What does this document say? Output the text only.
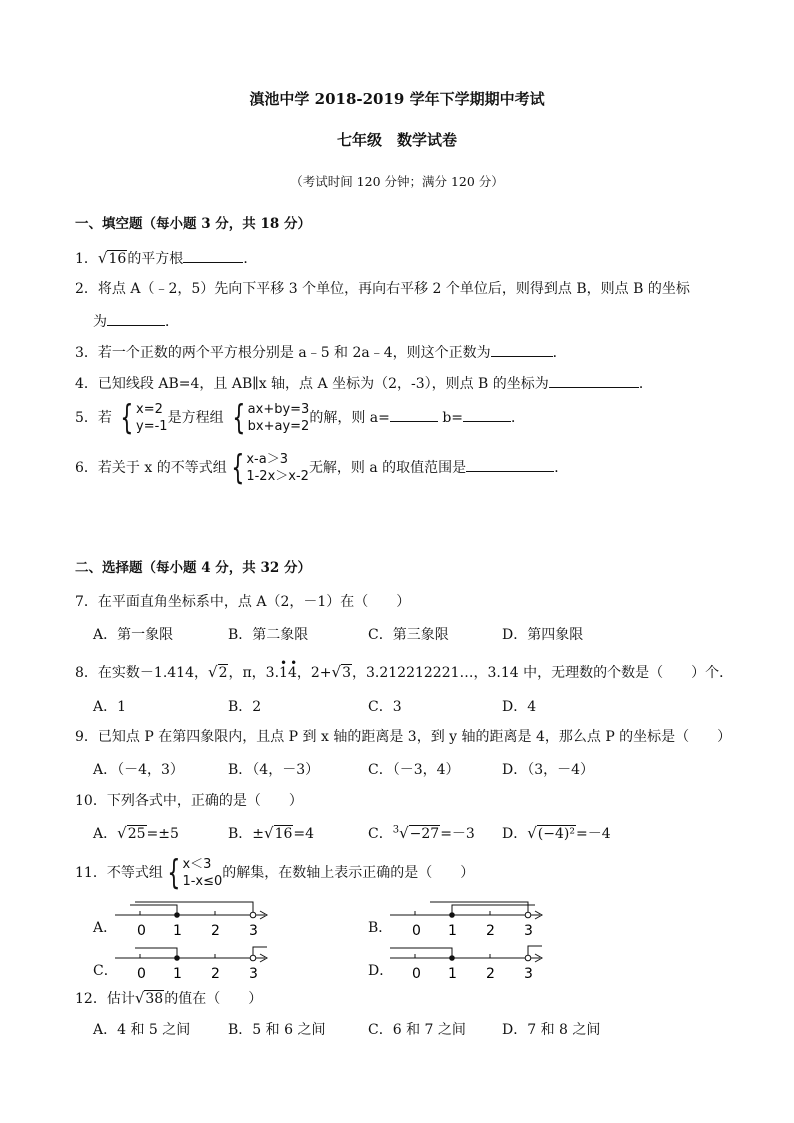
滇池中学 2018-2019 学年下学期期中考试
七年级　数学试卷
（考试时间 120 分钟；满分 120 分）
一、填空题（每小题 3 分，共 18 分）
1．√16的平方根	．
2．将点 A（﹣2，5）先向下平移 3 个单位，再向右平移 2 个单位后，则得到点 B，则点 B 的坐标
为	．
3．若一个正数的两个平方根分别是 a﹣5 和 2a﹣4，则这个正数为	．
4．已知线段 AB=4，且 AB∥x 轴，点 A 坐标为（2，-3），则点 B 的坐标为	．
5．若 { x=2
y=-1
是方程组 { ax+by=3
bx+ay=2
的解，则 a=	b=	．
6．若关于 x 的不等式组 { x-a＞3
1-2x＞x-2
无解，则 a 的取值范围是	．
二、选择题（每小题 4 分，共 32 分）
7．在平面直角坐标系中，点 A（2，－1）在（　　）
A．第一象限	B．第二象限	C．第三象限	D．第四象限
8．在实数－1.414，√2，π，3.14
••
，2+√3，3.212212221…，3.14 中，无理数的个数是（　　）个．
A．1	B．2	C．3	D．4
9．已知点 P 在第四象限内，且点 P 到 x 轴的距离是 3，到 y 轴的距离是 4，那么点 P 的坐标是（　　）
A．（－4，3）	B．（4，－3）	C．（－3，4）	D．（3，－4）
10．下列各式中，正确的是（　　）
A．√25=±5	B．±√16=4	C．$^3$√−27=－3 D．√(−4)²=－4
11．不等式组 { x＜3
1-x≤0
的解集，在数轴上表示正确的是（　　）
A． 0 1 2 3	B． 0 1 2 3
C． 0 1 2 3	D． 0 1 2 3
12．估计√38的值在（　　）
A．4 和 5 之间	B．5 和 6 之间	C．6 和 7 之间	D．7 和 8 之间
